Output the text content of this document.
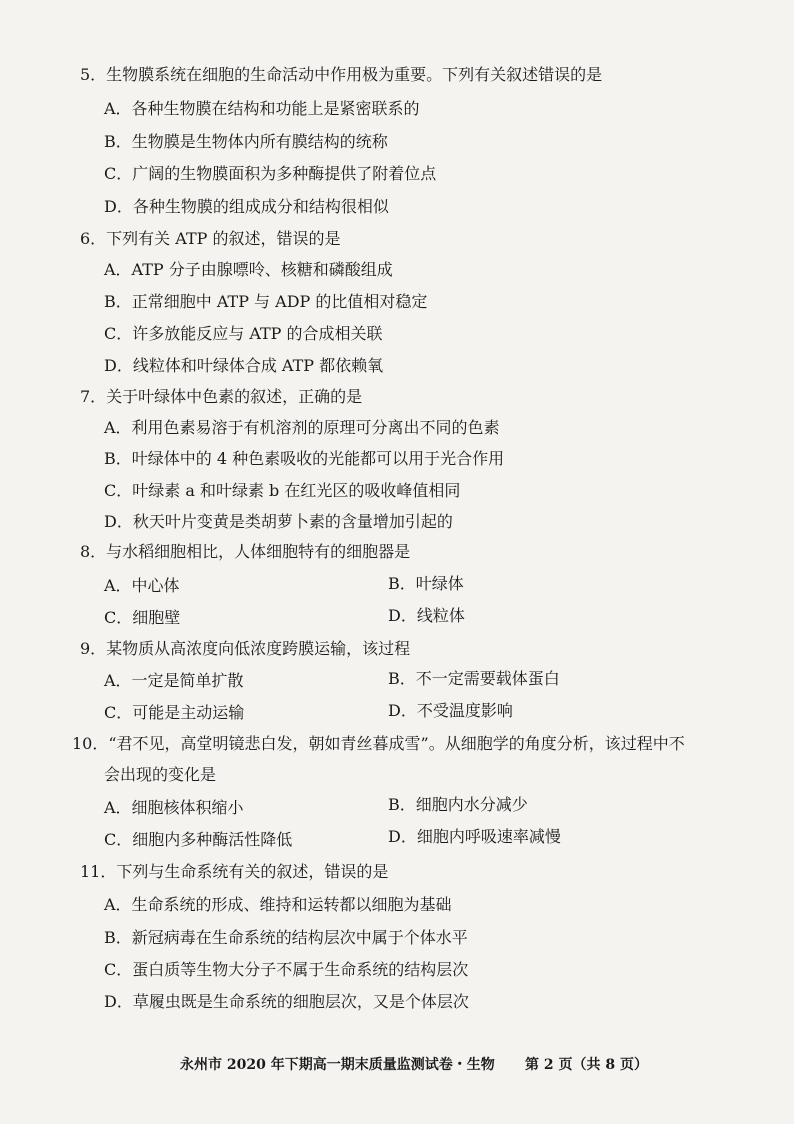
5．生物膜系统在细胞的生命活动中作用极为重要。下列有关叙述错误的是
A．各种生物膜在结构和功能上是紧密联系的
B．生物膜是生物体内所有膜结构的统称
C．广阔的生物膜面积为多种酶提供了附着位点
D．各种生物膜的组成成分和结构很相似
6．下列有关 ATP 的叙述，错误的是
A．ATP 分子由腺嘌呤、核糖和磷酸组成
B．正常细胞中 ATP 与 ADP 的比值相对稳定
C．许多放能反应与 ATP 的合成相关联
D．线粒体和叶绿体合成 ATP 都依赖氧
7．关于叶绿体中色素的叙述，正确的是
A．利用色素易溶于有机溶剂的原理可分离出不同的色素
B．叶绿体中的 4 种色素吸收的光能都可以用于光合作用
C．叶绿素 a 和叶绿素 b 在红光区的吸收峰值相同
D．秋天叶片变黄是类胡萝卜素的含量增加引起的
8．与水稻细胞相比，人体细胞特有的细胞器是
A．中心体	B．叶绿体
C．细胞壁	D．线粒体
9．某物质从高浓度向低浓度跨膜运输，该过程
A．一定是简单扩散	B．不一定需要载体蛋白
C．可能是主动运输	D．不受温度影响
10．“君不见，高堂明镜悲白发，朝如青丝暮成雪”。从细胞学的角度分析，该过程中不
会出现的变化是
A．细胞核体积缩小	B．细胞内水分减少
C．细胞内多种酶活性降低	D．细胞内呼吸速率减慢
11．下列与生命系统有关的叙述，错误的是
A．生命系统的形成、维持和运转都以细胞为基础
B．新冠病毒在生命系统的结构层次中属于个体水平
C．蛋白质等生物大分子不属于生命系统的结构层次
D．草履虫既是生命系统的细胞层次，又是个体层次
永州市 2020 年下期高一期末质量监测试卷・生物 第 2 页（共 8 页）
